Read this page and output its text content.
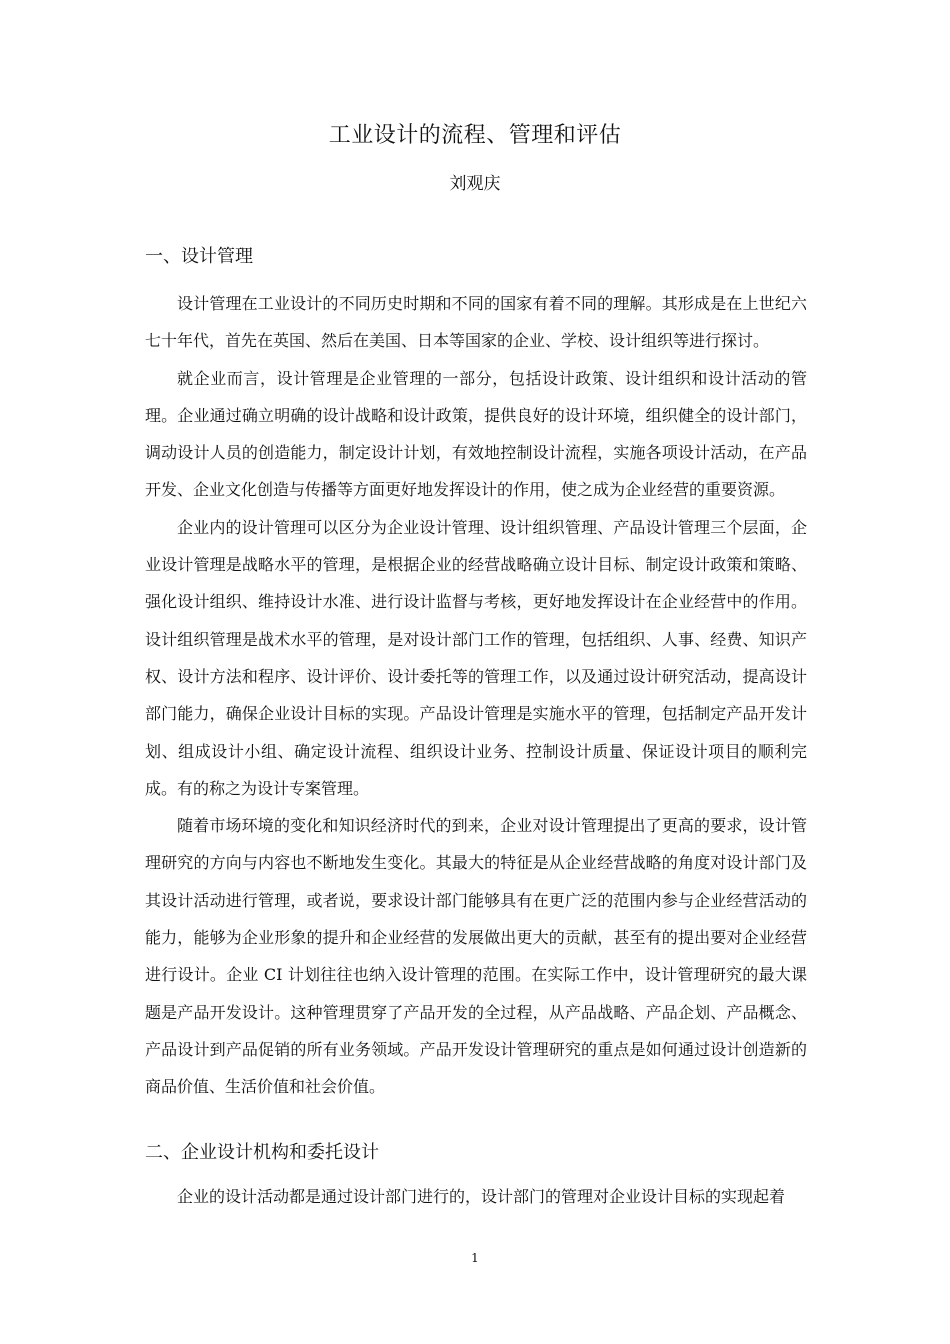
工业设计的流程、管理和评估
刘观庆
一、设计管理

设计管理在工业设计的不同历史时期和不同的国家有着不同的理解。其形成是在上世纪六七十年代，首先在英国、然后在美国、日本等国家的企业、学校、设计组织等进行探讨。

就企业而言，设计管理是企业管理的一部分，包括设计政策、设计组织和设计活动的管理。企业通过确立明确的设计战略和设计政策，提供良好的设计环境，组织健全的设计部门，调动设计人员的创造能力，制定设计计划，有效地控制设计流程，实施各项设计活动，在产品开发、企业文化创造与传播等方面更好地发挥设计的作用，使之成为企业经营的重要资源。

企业内的设计管理可以区分为企业设计管理、设计组织管理、产品设计管理三个层面，企业设计管理是战略水平的管理，是根据企业的经营战略确立设计目标、制定设计政策和策略、强化设计组织、维持设计水准、进行设计监督与考核，更好地发挥设计在企业经营中的作用。设计组织管理是战术水平的管理，是对设计部门工作的管理，包括组织、人事、经费、知识产权、设计方法和程序、设计评价、设计委托等的管理工作，以及通过设计研究活动，提高设计部门能力，确保企业设计目标的实现。产品设计管理是实施水平的管理，包括制定产品开发计划、组成设计小组、确定设计流程、组织设计业务、控制设计质量、保证设计项目的顺利完成。有的称之为设计专案管理。

随着市场环境的变化和知识经济时代的到来，企业对设计管理提出了更高的要求，设计管理研究的方向与内容也不断地发生变化。其最大的特征是从企业经营战略的角度对设计部门及其设计活动进行管理，或者说，要求设计部门能够具有在更广泛的范围内参与企业经营活动的能力，能够为企业形象的提升和企业经营的发展做出更大的贡献，甚至有的提出要对企业经营进行设计。企业 CI 计划往往也纳入设计管理的范围。在实际工作中，设计管理研究的最大课题是产品开发设计。这种管理贯穿了产品开发的全过程，从产品战略、产品企划、产品概念、产品设计到产品促销的所有业务领域。产品开发设计管理研究的重点是如何通过设计创造新的商品价值、生活价值和社会价值。

二、企业设计机构和委托设计

企业的设计活动都是通过设计部门进行的，设计部门的管理对企业设计目标的实现起着

1
